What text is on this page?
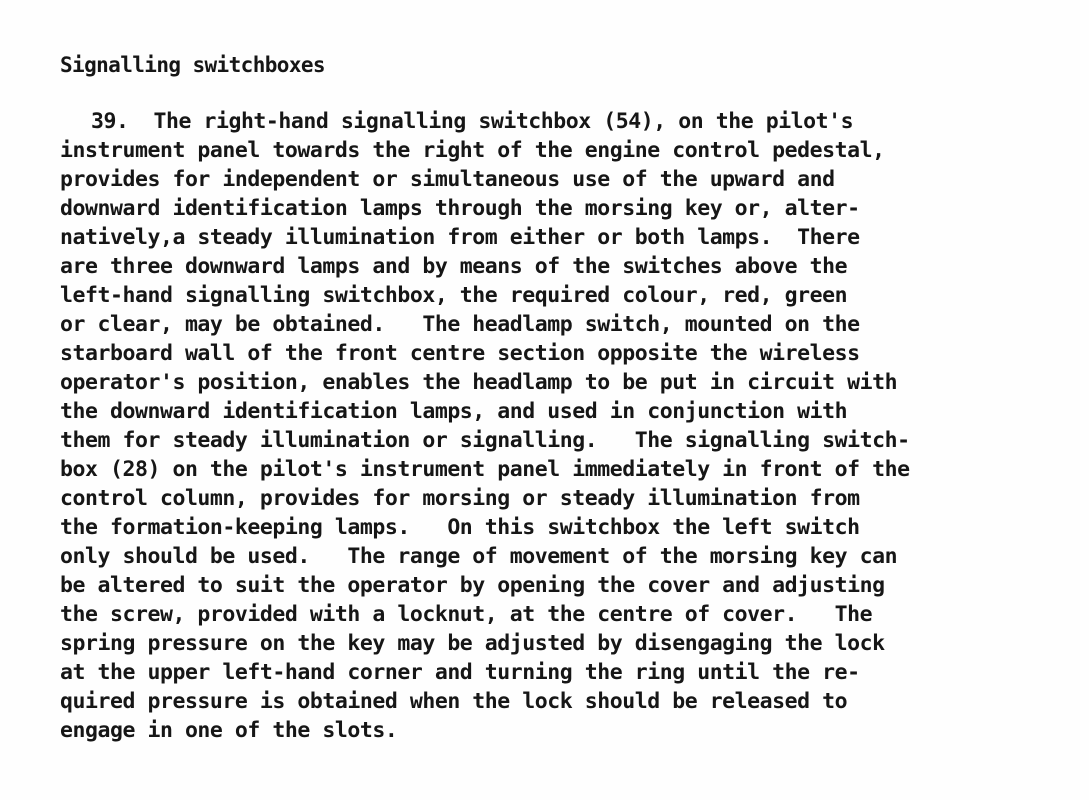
Signalling switchboxes
39. The right-hand signalling switchbox (54), on the pilot's
instrument panel towards the right of the engine control pedestal,
provides for independent or simultaneous use of the upward and
downward identification lamps through the morsing key or, alter-
natively,a steady illumination from either or both lamps.  There
are three downward lamps and by means of the switches above the
left-hand signalling switchbox, the required colour, red, green
or clear, may be obtained.   The headlamp switch, mounted on the
starboard wall of the front centre section opposite the wireless
operator's position, enables the headlamp to be put in circuit with
the downward identification lamps, and used in conjunction with
them for steady illumination or signalling.   The signalling switch-
box (28) on the pilot's instrument panel immediately in front of the
control column, provides for morsing or steady illumination from
the formation-keeping lamps.   On this switchbox the left switch
only should be used.   The range of movement of the morsing key can
be altered to suit the operator by opening the cover and adjusting
the screw, provided with a locknut, at the centre of cover.   The
spring pressure on the key may be adjusted by disengaging the lock
at the upper left-hand corner and turning the ring until the re-
quired pressure is obtained when the lock should be released to
engage in one of the slots.
